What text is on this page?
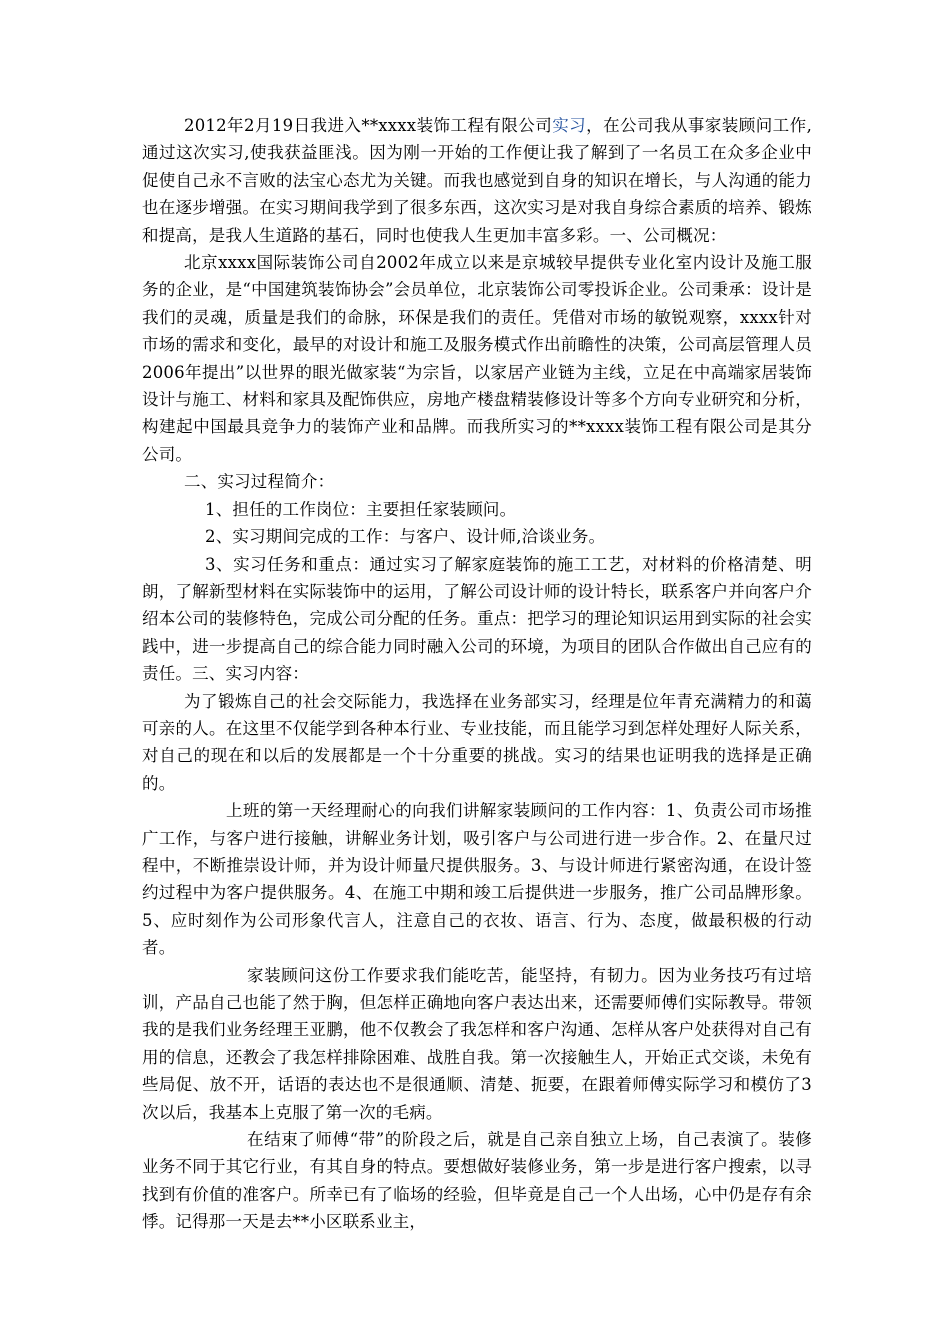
2012年2月19日我进入**xxxx装饰工程有限公司实习，在公司我从事家装顾问工作,通过这次实习,使我获益匪浅。因为刚一开始的工作便让我了解到了一名员工在众多企业中促使自己永不言败的法宝心态尤为关键。而我也感觉到自身的知识在增长，与人沟通的能力也在逐步增强。在实习期间我学到了很多东西，这次实习是对我自身综合素质的培养、锻炼和提高，是我人生道路的基石，同时也使我人生更加丰富多彩。一、公司概况：

北京xxxx国际装饰公司自2002年成立以来是京城较早提供专业化室内设计及施工服务的企业，是“中国建筑装饰协会”会员单位，北京装饰公司零投诉企业。公司秉承：设计是我们的灵魂，质量是我们的命脉，环保是我们的责任。凭借对市场的敏锐观察，xxxx针对市场的需求和变化，最早的对设计和施工及服务模式作出前瞻性的决策，公司高层管理人员2006年提出”以世界的眼光做家装“为宗旨，以家居产业链为主线，立足在中高端家居装饰设计与施工、材料和家具及配饰供应，房地产楼盘精装修设计等多个方向专业研究和分析，构建起中国最具竞争力的装饰产业和品牌。而我所实习的**xxxx装饰工程有限公司是其分公司。

二、实习过程简介：

1、担任的工作岗位：主要担任家装顾问。

2、实习期间完成的工作：与客户、设计师,洽谈业务。

3、实习任务和重点：通过实习了解家庭装饰的施工工艺，对材料的价格清楚、明朗，了解新型材料在实际装饰中的运用，了解公司设计师的设计特长，联系客户并向客户介绍本公司的装修特色，完成公司分配的任务。重点：把学习的理论知识运用到实际的社会实践中，进一步提高自己的综合能力同时融入公司的环境，为项目的团队合作做出自己应有的责任。三、实习内容：

为了锻炼自己的社会交际能力，我选择在业务部实习，经理是位年青充满精力的和蔼可亲的人。在这里不仅能学到各种本行业、专业技能，而且能学习到怎样处理好人际关系，对自己的现在和以后的发展都是一个十分重要的挑战。实习的结果也证明我的选择是正确的。

上班的第一天经理耐心的向我们讲解家装顾问的工作内容：1、负责公司市场推广工作，与客户进行接触，讲解业务计划，吸引客户与公司进行进一步合作。2、在量尺过程中，不断推崇设计师，并为设计师量尺提供服务。3、与设计师进行紧密沟通，在设计签约过程中为客户提供服务。4、在施工中期和竣工后提供进一步服务，推广公司品牌形象。5、应时刻作为公司形象代言人，注意自己的衣妆、语言、行为、态度，做最积极的行动者。

家装顾问这份工作要求我们能吃苦，能坚持，有韧力。因为业务技巧有过培训，产品自己也能了然于胸，但怎样正确地向客户表达出来，还需要师傅们实际教导。带领我的是我们业务经理王亚鹏，他不仅教会了我怎样和客户沟通、怎样从客户处获得对自己有用的信息，还教会了我怎样排除困难、战胜自我。第一次接触生人，开始正式交谈，未免有些局促、放不开，话语的表达也不是很通顺、清楚、扼要，在跟着师傅实际学习和模仿了3次以后，我基本上克服了第一次的毛病。

在结束了师傅“带”的阶段之后，就是自己亲自独立上场，自己表演了。装修业务不同于其它行业，有其自身的特点。要想做好装修业务，第一步是进行客户搜索，以寻找到有价值的准客户。所幸已有了临场的经验，但毕竟是自己一个人出场，心中仍是存有余悸。记得那一天是去**小区联系业主，
